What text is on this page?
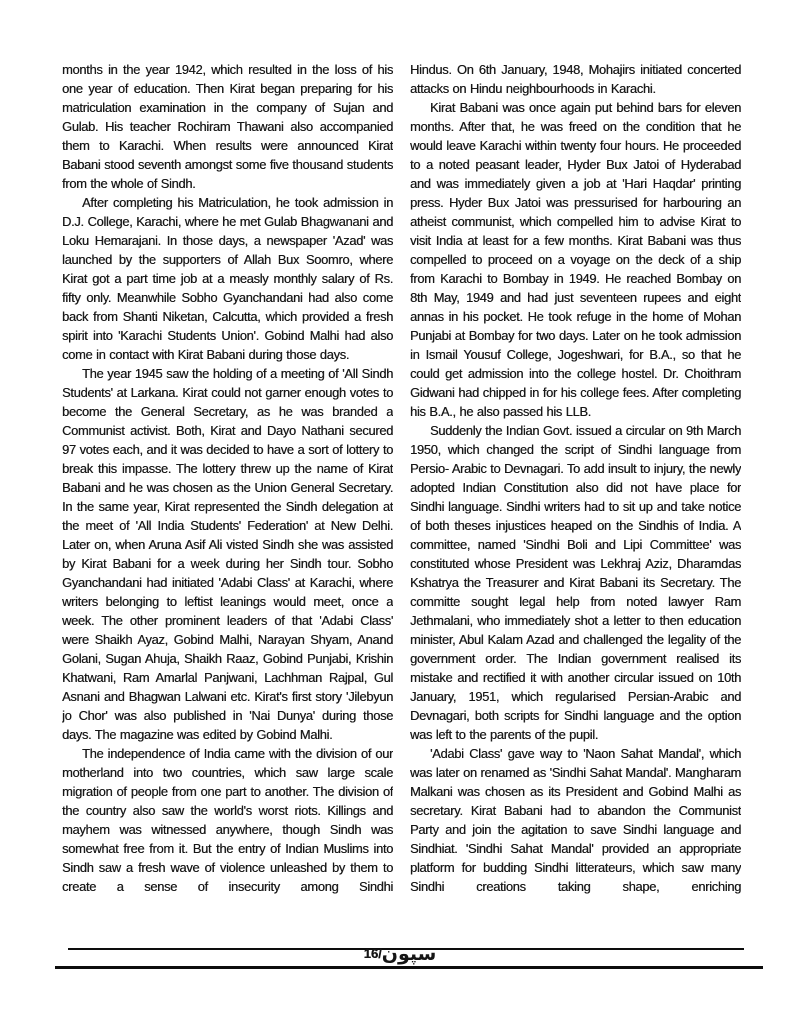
months in the year 1942, which resulted in the loss of his one year of education. Then Kirat began preparing for his matriculation examination in the company of Sujan and Gulab. His teacher Rochiram Thawani also accompanied them to Karachi. When results were announced Kirat Babani stood seventh amongst some five thousand students from the whole of Sindh.

After completing his Matriculation, he took admission in D.J. College, Karachi, where he met Gulab Bhagwanani and Loku Hemarajani. In those days, a newspaper 'Azad' was launched by the supporters of Allah Bux Soomro, where Kirat got a part time job at a measly monthly salary of Rs. fifty only. Meanwhile Sobho Gyanchandani had also come back from Shanti Niketan, Calcutta, which provided a fresh spirit into 'Karachi Students Union'. Gobind Malhi had also come in contact with Kirat Babani during those days.

The year 1945 saw the holding of a meeting of 'All Sindh Students' at Larkana. Kirat could not garner enough votes to become the General Secretary, as he was branded a Communist activist. Both, Kirat and Dayo Nathani secured 97 votes each, and it was decided to have a sort of lottery to break this impasse. The lottery threw up the name of Kirat Babani and he was chosen as the Union General Secretary. In the same year, Kirat represented the Sindh delegation at the meet of 'All India Students' Federation' at New Delhi. Later on, when Aruna Asif Ali visted Sindh she was assisted by Kirat Babani for a week during her Sindh tour. Sobho Gyanchandani had initiated 'Adabi Class' at Karachi, where writers belonging to leftist leanings would meet, once a week. The other prominent leaders of that 'Adabi Class' were Shaikh Ayaz, Gobind Malhi, Narayan Shyam, Anand Golani, Sugan Ahuja, Shaikh Raaz, Gobind Punjabi, Krishin Khatwani, Ram Amarlal Panjwani, Lachhman Rajpal, Gul Asnani and Bhagwan Lalwani etc. Kirat's first story 'Jilebyun jo Chor' was also published in 'Nai Dunya' during those days. The magazine was edited by Gobind Malhi.

The independence of India came with the division of our motherland into two countries, which saw large scale migration of people from one part to another. The division of the country also saw the world's worst riots. Killings and mayhem was witnessed anywhere, though Sindh was somewhat free from it. But the entry of Indian Muslims into Sindh saw a fresh wave of violence unleashed by them to create a sense of insecurity among Sindhi

Hindus. On 6th January, 1948, Mohajirs initiated concerted attacks on Hindu neighbourhoods in Karachi.

Kirat Babani was once again put behind bars for eleven months. After that, he was freed on the condition that he would leave Karachi within twenty four hours. He proceeded to a noted peasant leader, Hyder Bux Jatoi of Hyderabad and was immediately given a job at 'Hari Haqdar' printing press. Hyder Bux Jatoi was pressurised for harbouring an atheist communist, which compelled him to advise Kirat to visit India at least for a few months. Kirat Babani was thus compelled to proceed on a voyage on the deck of a ship from Karachi to Bombay in 1949. He reached Bombay on 8th May, 1949 and had just seventeen rupees and eight annas in his pocket. He took refuge in the home of Mohan Punjabi at Bombay for two days. Later on he took admission in Ismail Yousuf College, Jogeshwari, for B.A., so that he could get admission into the college hostel. Dr. Choithram Gidwani had chipped in for his college fees. After completing his B.A., he also passed his LLB.

Suddenly the Indian Govt. issued a circular on 9th March 1950, which changed the script of Sindhi language from Persio- Arabic to Devnagari. To add insult to injury, the newly adopted Indian Constitution also did not have place for Sindhi language. Sindhi writers had to sit up and take notice of both theses injustices heaped on the Sindhis of India. A committee, named 'Sindhi Boli and Lipi Committee' was constituted whose President was Lekhraj Aziz, Dharamdas Kshatrya the Treasurer and Kirat Babani its Secretary. The committe sought legal help from noted lawyer Ram Jethmalani, who immediately shot a letter to then education minister, Abul Kalam Azad and challenged the legality of the government order. The Indian government realised its mistake and rectified it with another circular issued on 10th January, 1951, which regularised Persian-Arabic and Devnagari, both scripts for Sindhi language and the option was left to the parents of the pupil.

'Adabi Class' gave way to 'Naon Sahat Mandal', which was later on renamed as 'Sindhi Sahat Mandal'. Mangharam Malkani was chosen as its President and Gobind Malhi as secretary. Kirat Babani had to abandon the Communist Party and join the agitation to save Sindhi language and Sindhiat. 'Sindhi Sahat Mandal' provided an appropriate platform for budding Sindhi litterateurs, which saw many Sindhi creations taking shape, enriching

16/سپون
